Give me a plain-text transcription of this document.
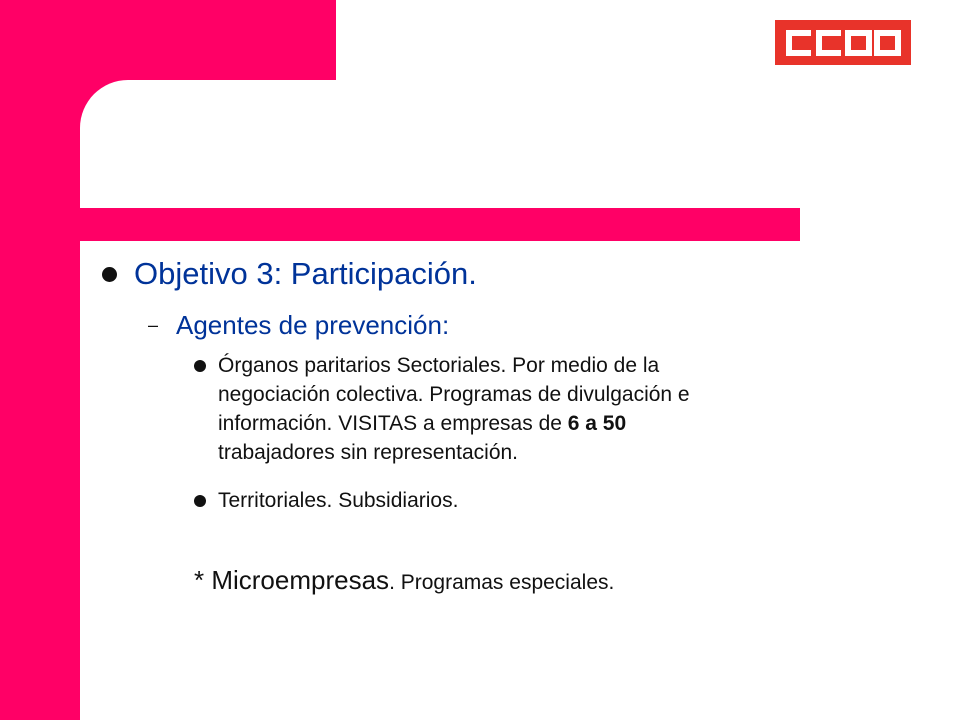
Objetivo 3: Participación.
– Agentes de prevención:
Órganos paritarios Sectoriales. Por medio de la
negociación colectiva. Programas de divulgación e
información. VISITAS a empresas de 6 a 50
trabajadores sin representación.
Territoriales. Subsidiarios.
* Microempresas. Programas especiales.
